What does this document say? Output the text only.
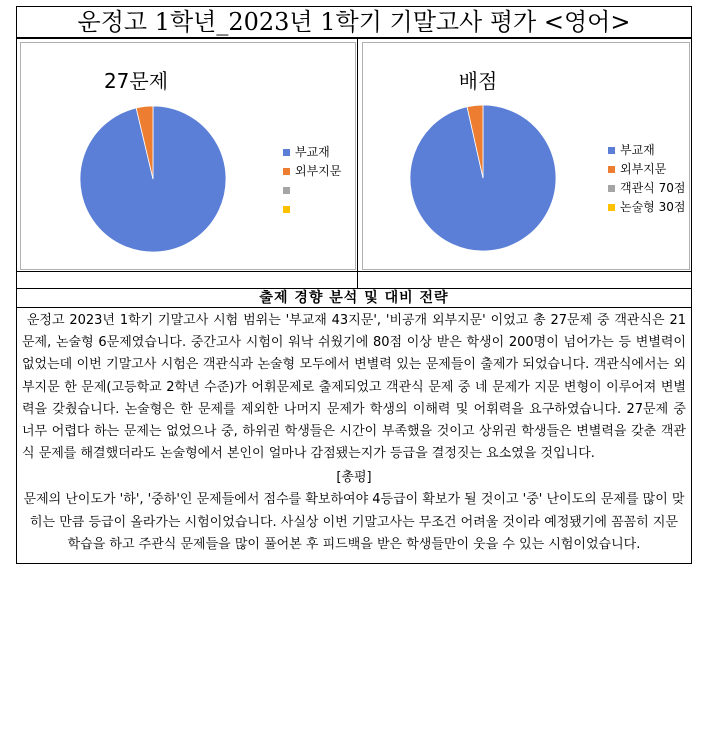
운정고 1학년_2023년 1학기 기말고사 평가 <영어>
27문제
부교재
외부지문
배점
부교재
외부지문
객관식 70점
논술형 30점
출제 경향 분석 및 대비 전략

운정고 2023년 1학기 기말고사 시험 범위는 '부교재 43지문', '비공개 외부지문' 이었고 총 27문제 중 객관식은 21문제, 논술형 6문제였습니다. 중간고사 시험이 워낙 쉬웠기에 80점 이상 받은 학생이 200명이 넘어가는 등 변별력이 없었는데 이번 기말고사 시험은 객관식과 논술형 모두에서 변별력 있는 문제들이 출제가 되었습니다. 객관식에서는 외부지문 한 문제(고등학교 2학년 수준)가 어휘문제로 출제되었고 객관식 문제 중 네 문제가 지문 변형이 이루어져 변별력을 갖췄습니다. 논술형은 한 문제를 제외한 나머지 문제가 학생의 이해력 및 어휘력을 요구하였습니다. 27문제 중 너무 어렵다 하는 문제는 없었으나 중, 하위권 학생들은 시간이 부족했을 것이고 상위권 학생들은 변별력을 갖춘 객관식 문제를 해결했더라도 논술형에서 본인이 얼마나 감점됐는지가 등급을 결정짓는 요소였을 것입니다.

[총평]

문제의 난이도가 '하', '중하'인 문제들에서 점수를 확보하여야 4등급이 확보가 될 것이고 '중' 난이도의 문제를 많이 맞히는 만큼 등급이 올라가는 시험이었습니다. 사실상 이번 기말고사는 무조건 어려울 것이라 예정됐기에 꼼꼼히 지문 학습을 하고 주관식 문제들을 많이 풀어본 후 피드백을 받은 학생들만이 웃을 수 있는 시험이었습니다.
